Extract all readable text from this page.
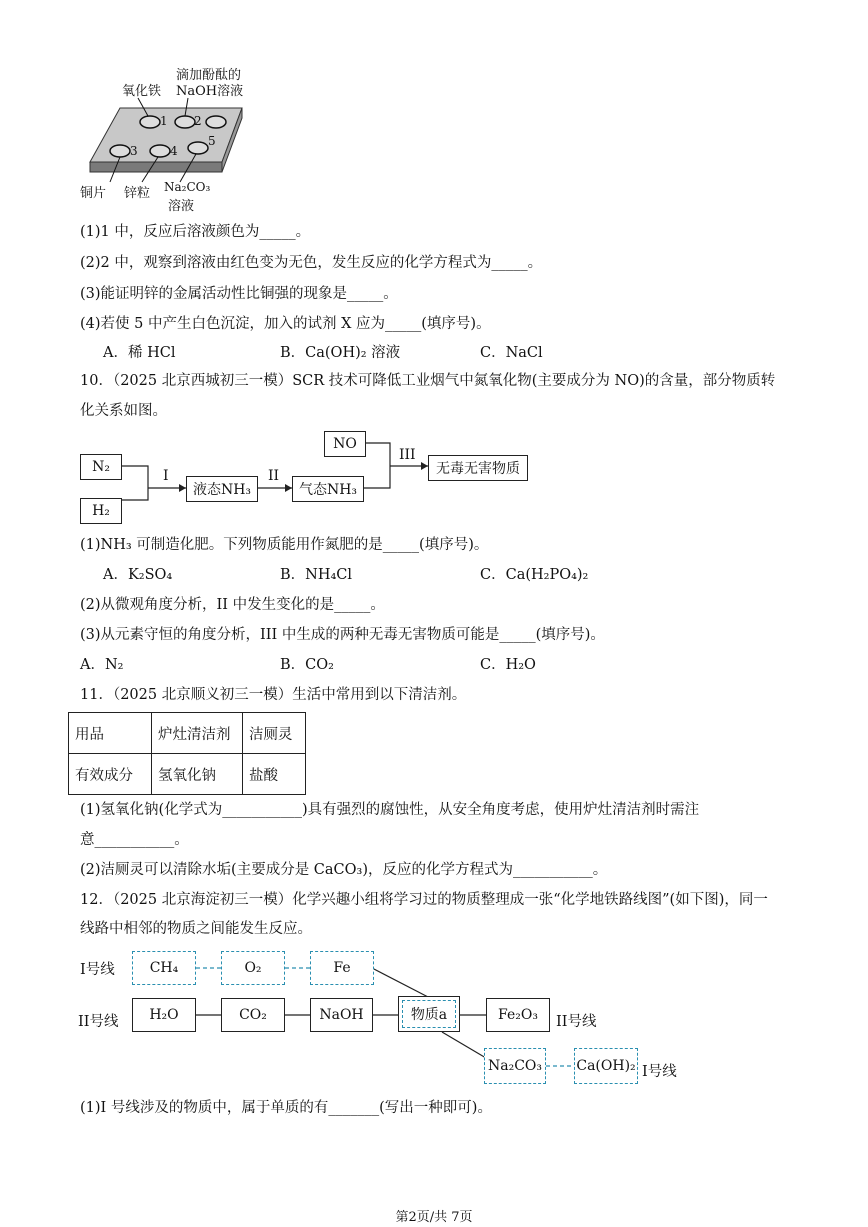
氧化铁
滴加酚酞的
NaOH溶液
1 2
3	4
5
铜片 锌粒 Na₂CO₃
溶液
(1)1 中，反应后溶液颜色为_____。
(2)2 中，观察到溶液由红色变为无色，发生反应的化学方程式为_____。
(3)能证明锌的金属活动性比铜强的现象是_____。
(4)若使 5 中产生白色沉淀，加入的试剂 X 应为_____(填序号)。
A．稀 HCl	B．Ca(OH)₂ 溶液	C．NaCl
10．（2025 北京西城初三一模）SCR 技术可降低工业烟气中氮氧化物(主要成分为 NO)的含量，部分物质转
化关系如图。
N₂
H₂
I
液态NH₃
II
气态NH₃
NO
III
无毒无害物质
(1)NH₃ 可制造化肥。下列物质能用作氮肥的是_____(填序号)。
A．K₂SO₄	B．NH₄Cl	C．Ca(H₂PO₄)₂
(2)从微观角度分析，II 中发生变化的是_____。
(3)从元素守恒的角度分析，III 中生成的两种无毒无害物质可能是_____(填序号)。
A．N₂	B．CO₂	C．H₂O
11．（2025 北京顺义初三一模）生活中常用到以下清洁剂。
用品	炉灶清洁剂	洁厕灵
有效成分	氢氧化钠	盐酸
(1)氢氧化钠(化学式为___________)具有强烈的腐蚀性，从安全角度考虑，使用炉灶清洁剂时需注
意___________。
(2)洁厕灵可以清除水垢(主要成分是 CaCO₃)，反应的化学方程式为___________。
12．（2025 北京海淀初三一模）化学兴趣小组将学习过的物质整理成一张“化学地铁路线图”(如下图)，同一
线路中相邻的物质之间能发生反应。
I号线 CH₄	O₂	Fe
II号线 H₂O	CO₂	NaOH	物质a	Fe₂O₃ II号线
Na₂CO₃ Ca(OH)₂ I号线
(1)I 号线涉及的物质中，属于单质的有_______(写出一种即可)。
第2页/共 7页
